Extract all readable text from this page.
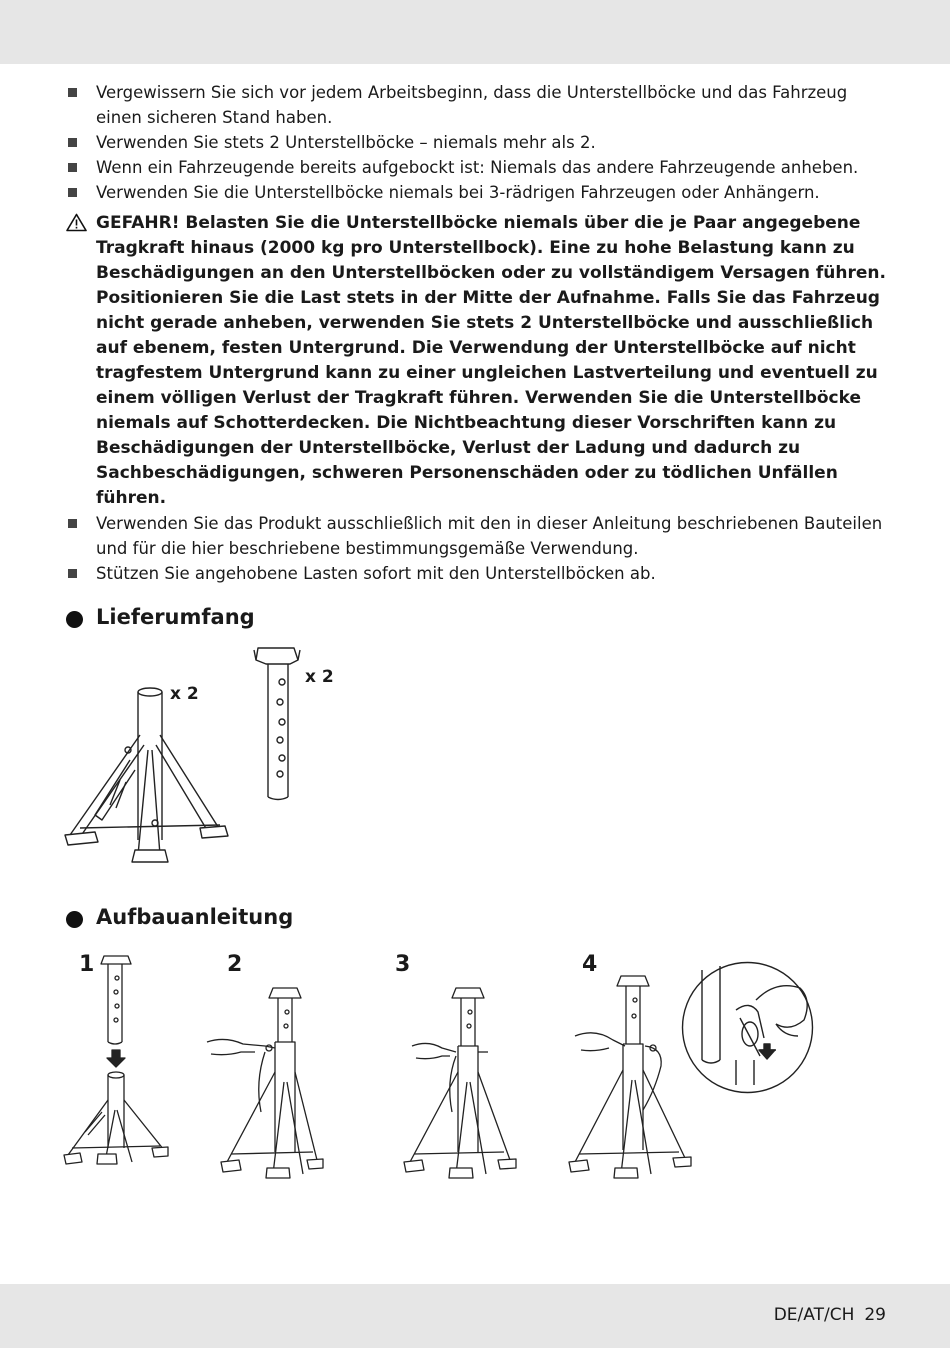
Vergewissern Sie sich vor jedem Arbeitsbeginn, dass die Unterstellböcke und das Fahrzeug einen sicheren Stand haben.
Verwenden Sie stets 2 Unterstellböcke – niemals mehr als 2.
Wenn ein Fahrzeugende bereits aufgebockt ist: Niemals das andere Fahrzeugende anheben.
Verwenden Sie die Unterstellböcke niemals bei 3-rädrigen Fahrzeugen oder Anhängern.
GEFAHR! Belasten Sie die Unterstellböcke niemals über die je Paar angegebene Tragkraft hinaus (2000 kg pro Unterstellbock). Eine zu hohe Belastung kann zu Beschädigungen an den Unterstellböcken oder zu vollständigem Versagen führen. Positionieren Sie die Last stets in der Mitte der Aufnahme. Falls Sie das Fahrzeug nicht gerade anheben, verwenden Sie stets 2 Unterstellböcke und ausschließlich auf ebenem, festen Untergrund. Die Verwendung der Unterstellböcke auf nicht tragfestem Untergrund kann zu einer ungleichen Lastverteilung und eventuell zu einem völligen Verlust der Tragkraft führen. Verwenden Sie die Unterstellböcke niemals auf Schotterdecken. Die Nichtbeachtung dieser Vorschriften kann zu Beschädigungen der Unterstellböcke, Verlust der Ladung und dadurch zu Sachbeschädigungen, schweren Personenschäden oder zu tödlichen Unfällen führen.
Verwenden Sie das Produkt ausschließlich mit den in dieser Anleitung beschriebenen Bauteilen und für die hier beschriebene bestimmungsgemäße Verwendung.
Stützen Sie angehobene Lasten sofort mit den Unterstellböcken ab.
Lieferumfang
x 2
x 2
Aufbauanleitung
1	2	3	4
DE/AT/CH 29
